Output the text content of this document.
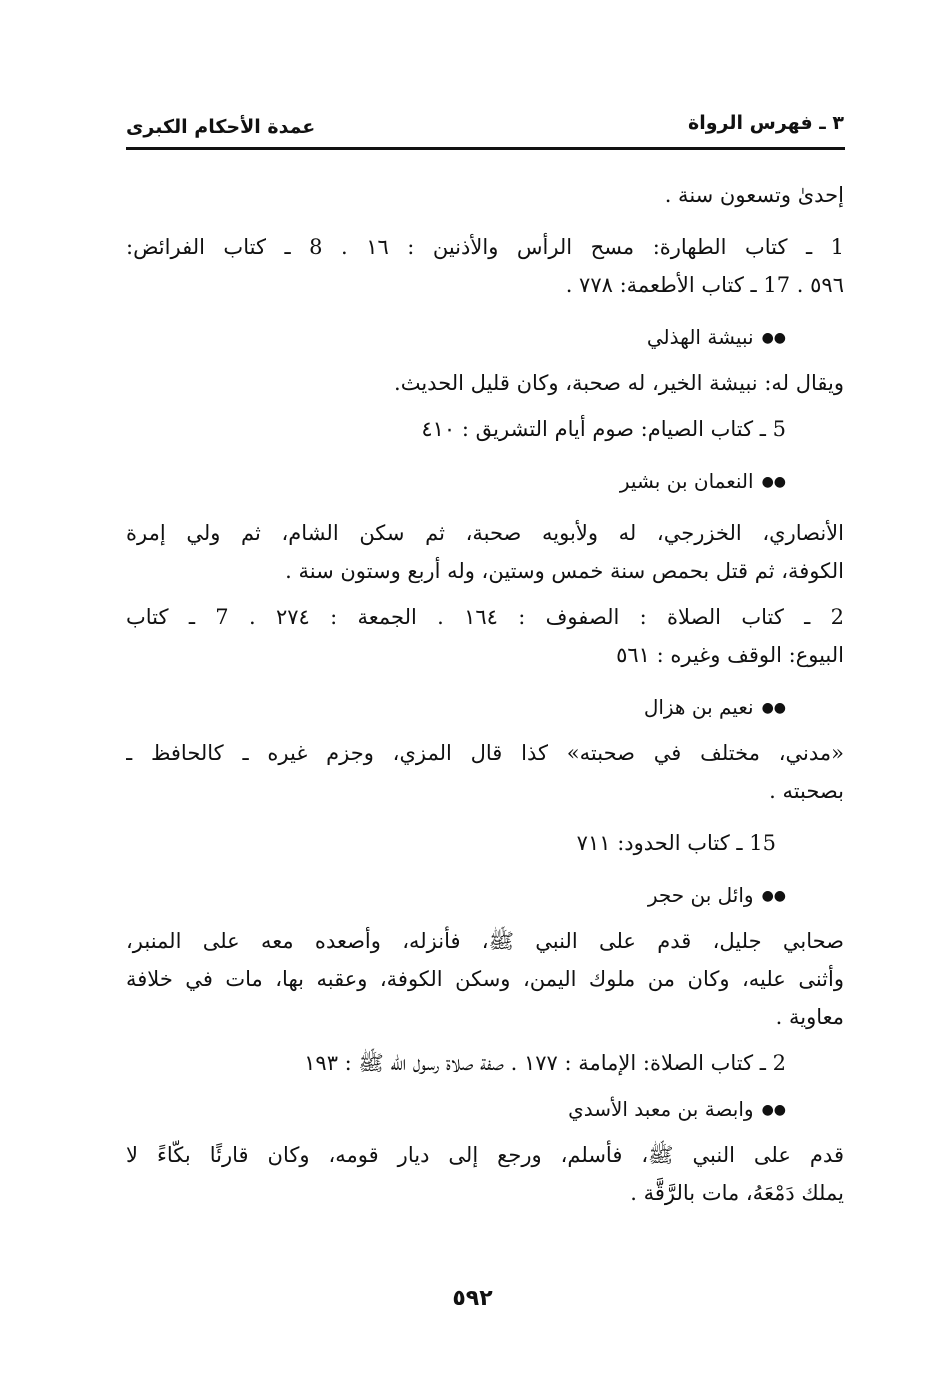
٣ ـ فهرس الرواة
عمدة الأحكام الكبرى
إحدىٰ وتسعون سنة .
1 ـ كتاب الطهارة: مسح الرأس والأذنين : ١٦ . 8 ـ كتاب الفرائض:
٥٩٦ . 17 ـ كتاب الأطعمة: ٧٧٨ .
●●نبيشة الهذلي
ويقال له: نبيشة الخير، له صحبة، وكان قليل الحديث.
5 ـ كتاب الصيام: صوم أيام التشريق : ٤١٠
●●النعمان بن بشير
الأنصاري، الخزرجي، له ولأبويه صحبة، ثم سكن الشام، ثم ولي إمرة
الكوفة، ثم قتل بحمص سنة خمس وستين، وله أربع وستون سنة .
2 ـ كتاب الصلاة : الصفوف : ١٦٤ . الجمعة : ٢٧٤ . 7 ـ كتاب
البيوع: الوقف وغيره : ٥٦١
●●نعيم بن هزال
«مدني، مختلف في صحبته» كذا قال المزي، وجزم غيره ـ كالحافظ ـ
بصحبته .
15 ـ كتاب الحدود: ٧١١
●●وائل بن حجر
صحابي جليل، قدم على النبي ﷺ، فأنزله، وأصعده معه على المنبر،
وأثنى عليه، وكان من ملوك اليمن، وسكن الكوفة، وعقبه بها، مات في خلافة
معاوية .
2 ـ كتاب الصلاة: الإمامة : ١٧٧ . صفة صلاة رسول الله ﷺ : ١٩٣
●●وابصة بن معبد الأسدي
قدم على النبي ﷺ، فأسلم، ورجع إلى ديار قومه، وكان قارئًا بكّاءً لا
يملك دَمْعَهُ، مات بالرَّقَّة .
٥٩٢
